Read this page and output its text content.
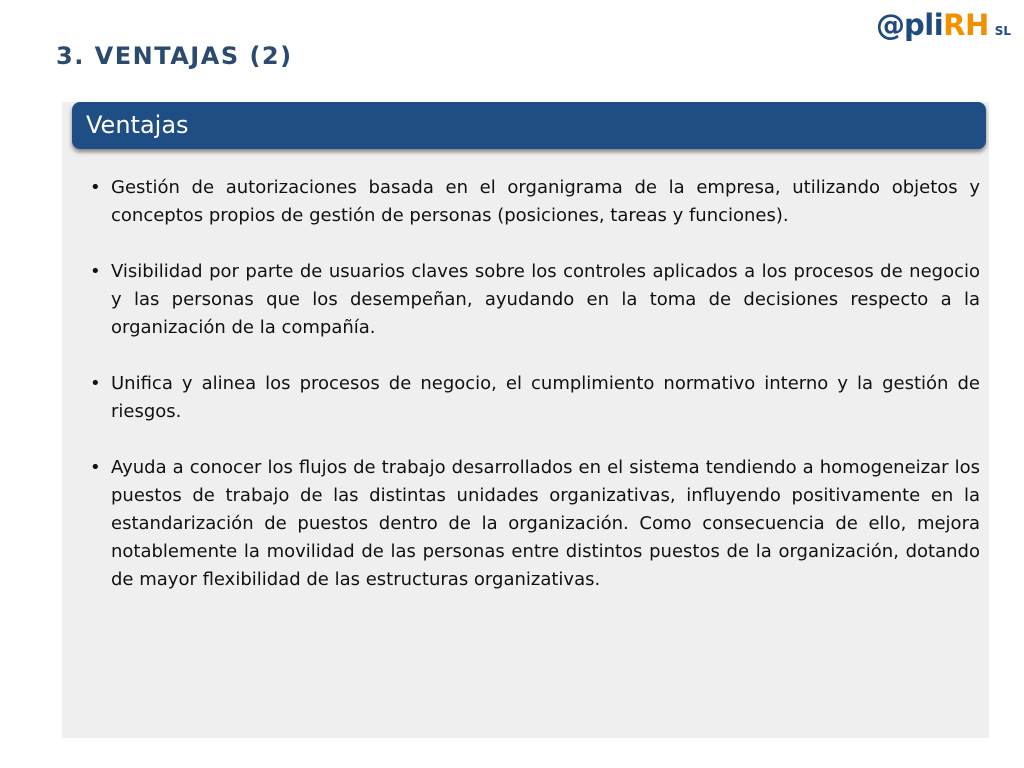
@ pli RH SL
3. VENTAJAS (2)
Ventajas
• Gestión de autorizaciones basada en el organigrama de la empresa, utilizando objetos y conceptos propios de gestión de personas (posiciones, tareas y funciones).
• Visibilidad por parte de usuarios claves sobre los controles aplicados a los procesos de negocio y las personas que los desempeñan, ayudando en la toma de decisiones respecto a la organización de la compañía.
• Unifica y alinea los procesos de negocio, el cumplimiento normativo interno y la gestión de riesgos.
• Ayuda a conocer los flujos de trabajo desarrollados en el sistema tendiendo a homogeneizar los puestos de trabajo de las distintas unidades organizativas, influyendo positivamente en la estandarización de puestos dentro de la organización. Como consecuencia de ello, mejora notablemente la movilidad de las personas entre distintos puestos de la organización, dotando de mayor flexibilidad de las estructuras organizativas.
